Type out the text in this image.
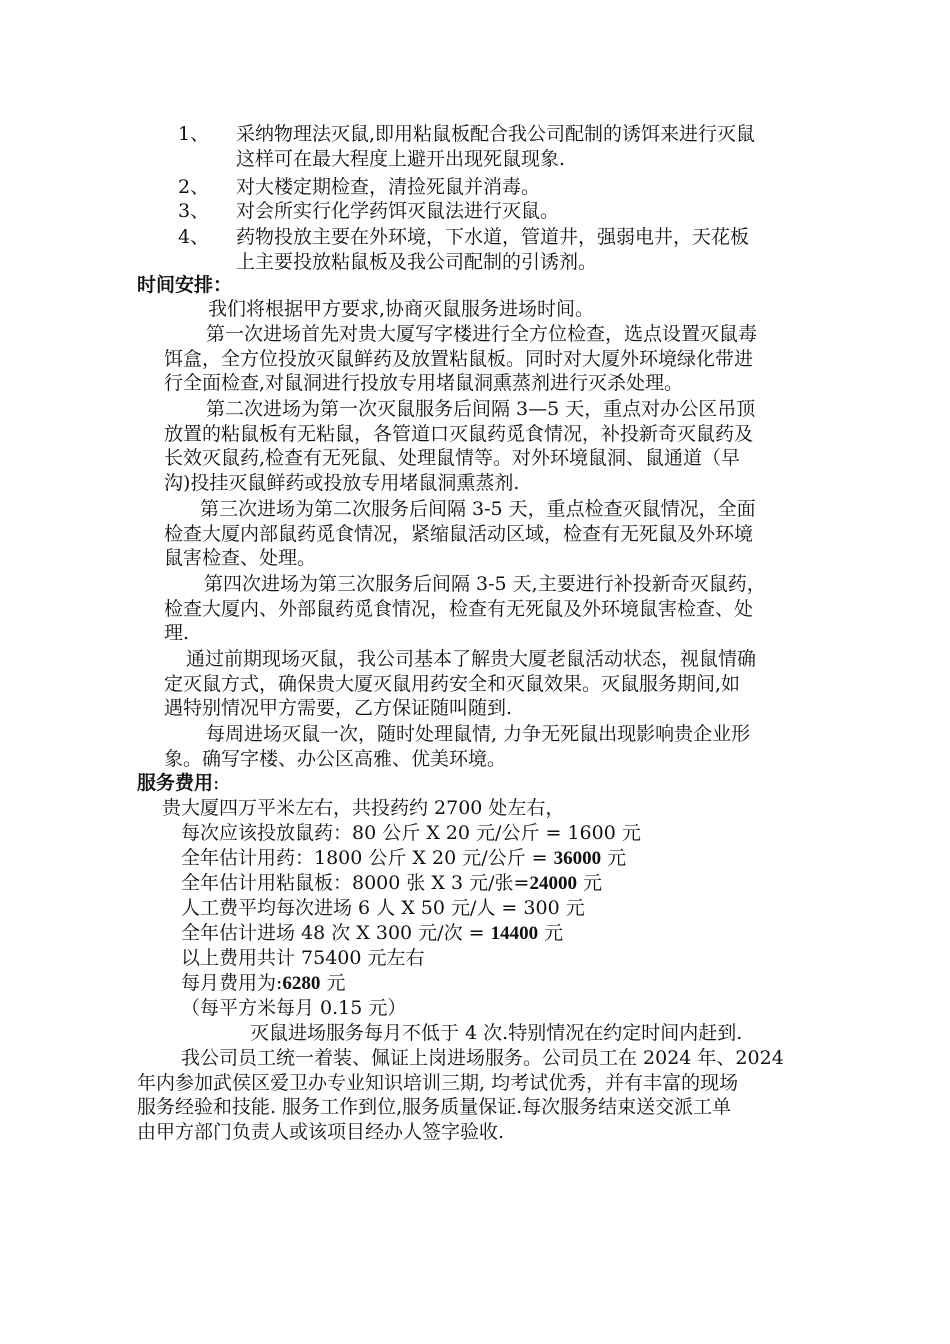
1、 采纳物理法灭鼠,即用粘鼠板配合我公司配制的诱饵来进行灭鼠
这样可在最大程度上避开出现死鼠现象.
2、 对大楼定期检查，清捡死鼠并消毒。
3、 对会所实行化学药饵灭鼠法进行灭鼠。
4、 药物投放主要在外环境，下水道，管道井，强弱电井，天花板
上主要投放粘鼠板及我公司配制的引诱剂。
时间安排：
我们将根据甲方要求,协商灭鼠服务进场时间。
第一次进场首先对贵大厦写字楼进行全方位检查，选点设置灭鼠毒
饵盒，全方位投放灭鼠鲜药及放置粘鼠板。同时对大厦外环境绿化带进
行全面检查,对鼠洞进行投放专用堵鼠洞熏蒸剂进行灭杀处理。
第二次进场为第一次灭鼠服务后间隔 3—5 天，重点对办公区吊顶
放置的粘鼠板有无粘鼠，各管道口灭鼠药觅食情况，补投新奇灭鼠药及
长效灭鼠药,检查有无死鼠、处理鼠情等。对外环境鼠洞、鼠通道（早
沟)投挂灭鼠鲜药或投放专用堵鼠洞熏蒸剂.
第三次进场为第二次服务后间隔 3-5 天，重点检查灭鼠情况，全面
检查大厦内部鼠药觅食情况，紧缩鼠活动区域，检查有无死鼠及外环境
鼠害检查、处理。
第四次进场为第三次服务后间隔 3-5 天,主要进行补投新奇灭鼠药，
检查大厦内、外部鼠药觅食情况，检查有无死鼠及外环境鼠害检查、处
理.
通过前期现场灭鼠，我公司基本了解贵大厦老鼠活动状态，视鼠情确
定灭鼠方式，确保贵大厦灭鼠用药安全和灭鼠效果。灭鼠服务期间,如
遇特别情况甲方需要，乙方保证随叫随到.
每周进场灭鼠一次，随时处理鼠情, 力争无死鼠出现影响贵企业形
象。确写字楼、办公区高雅、优美环境。
服务费用:
贵大厦四万平米左右，共投药约 2700 处左右，
每次应该投放鼠药：80 公斤 X 20 元/公斤 = 1600 元
全年估计用药：1800 公斤 X 20 元/公斤 = 36000 元
全年估计用粘鼠板：8000 张 X 3 元/张=24000 元
人工费平均每次进场 6 人 X 50 元/人 = 300 元
全年估计进场 48 次 X 300 元/次 = 14400 元
以上费用共计 75400 元左右
每月费用为:6280 元
（每平方米每月 0.15 元）
灭鼠进场服务每月不低于 4 次.特别情况在约定时间内赶到.
我公司员工统一着装、佩证上岗进场服务。公司员工在 2024 年、2024
年内参加武侯区爱卫办专业知识培训三期, 均考试优秀，并有丰富的现场
服务经验和技能. 服务工作到位,服务质量保证.每次服务结束送交派工单
由甲方部门负责人或该项目经办人签字验收.
